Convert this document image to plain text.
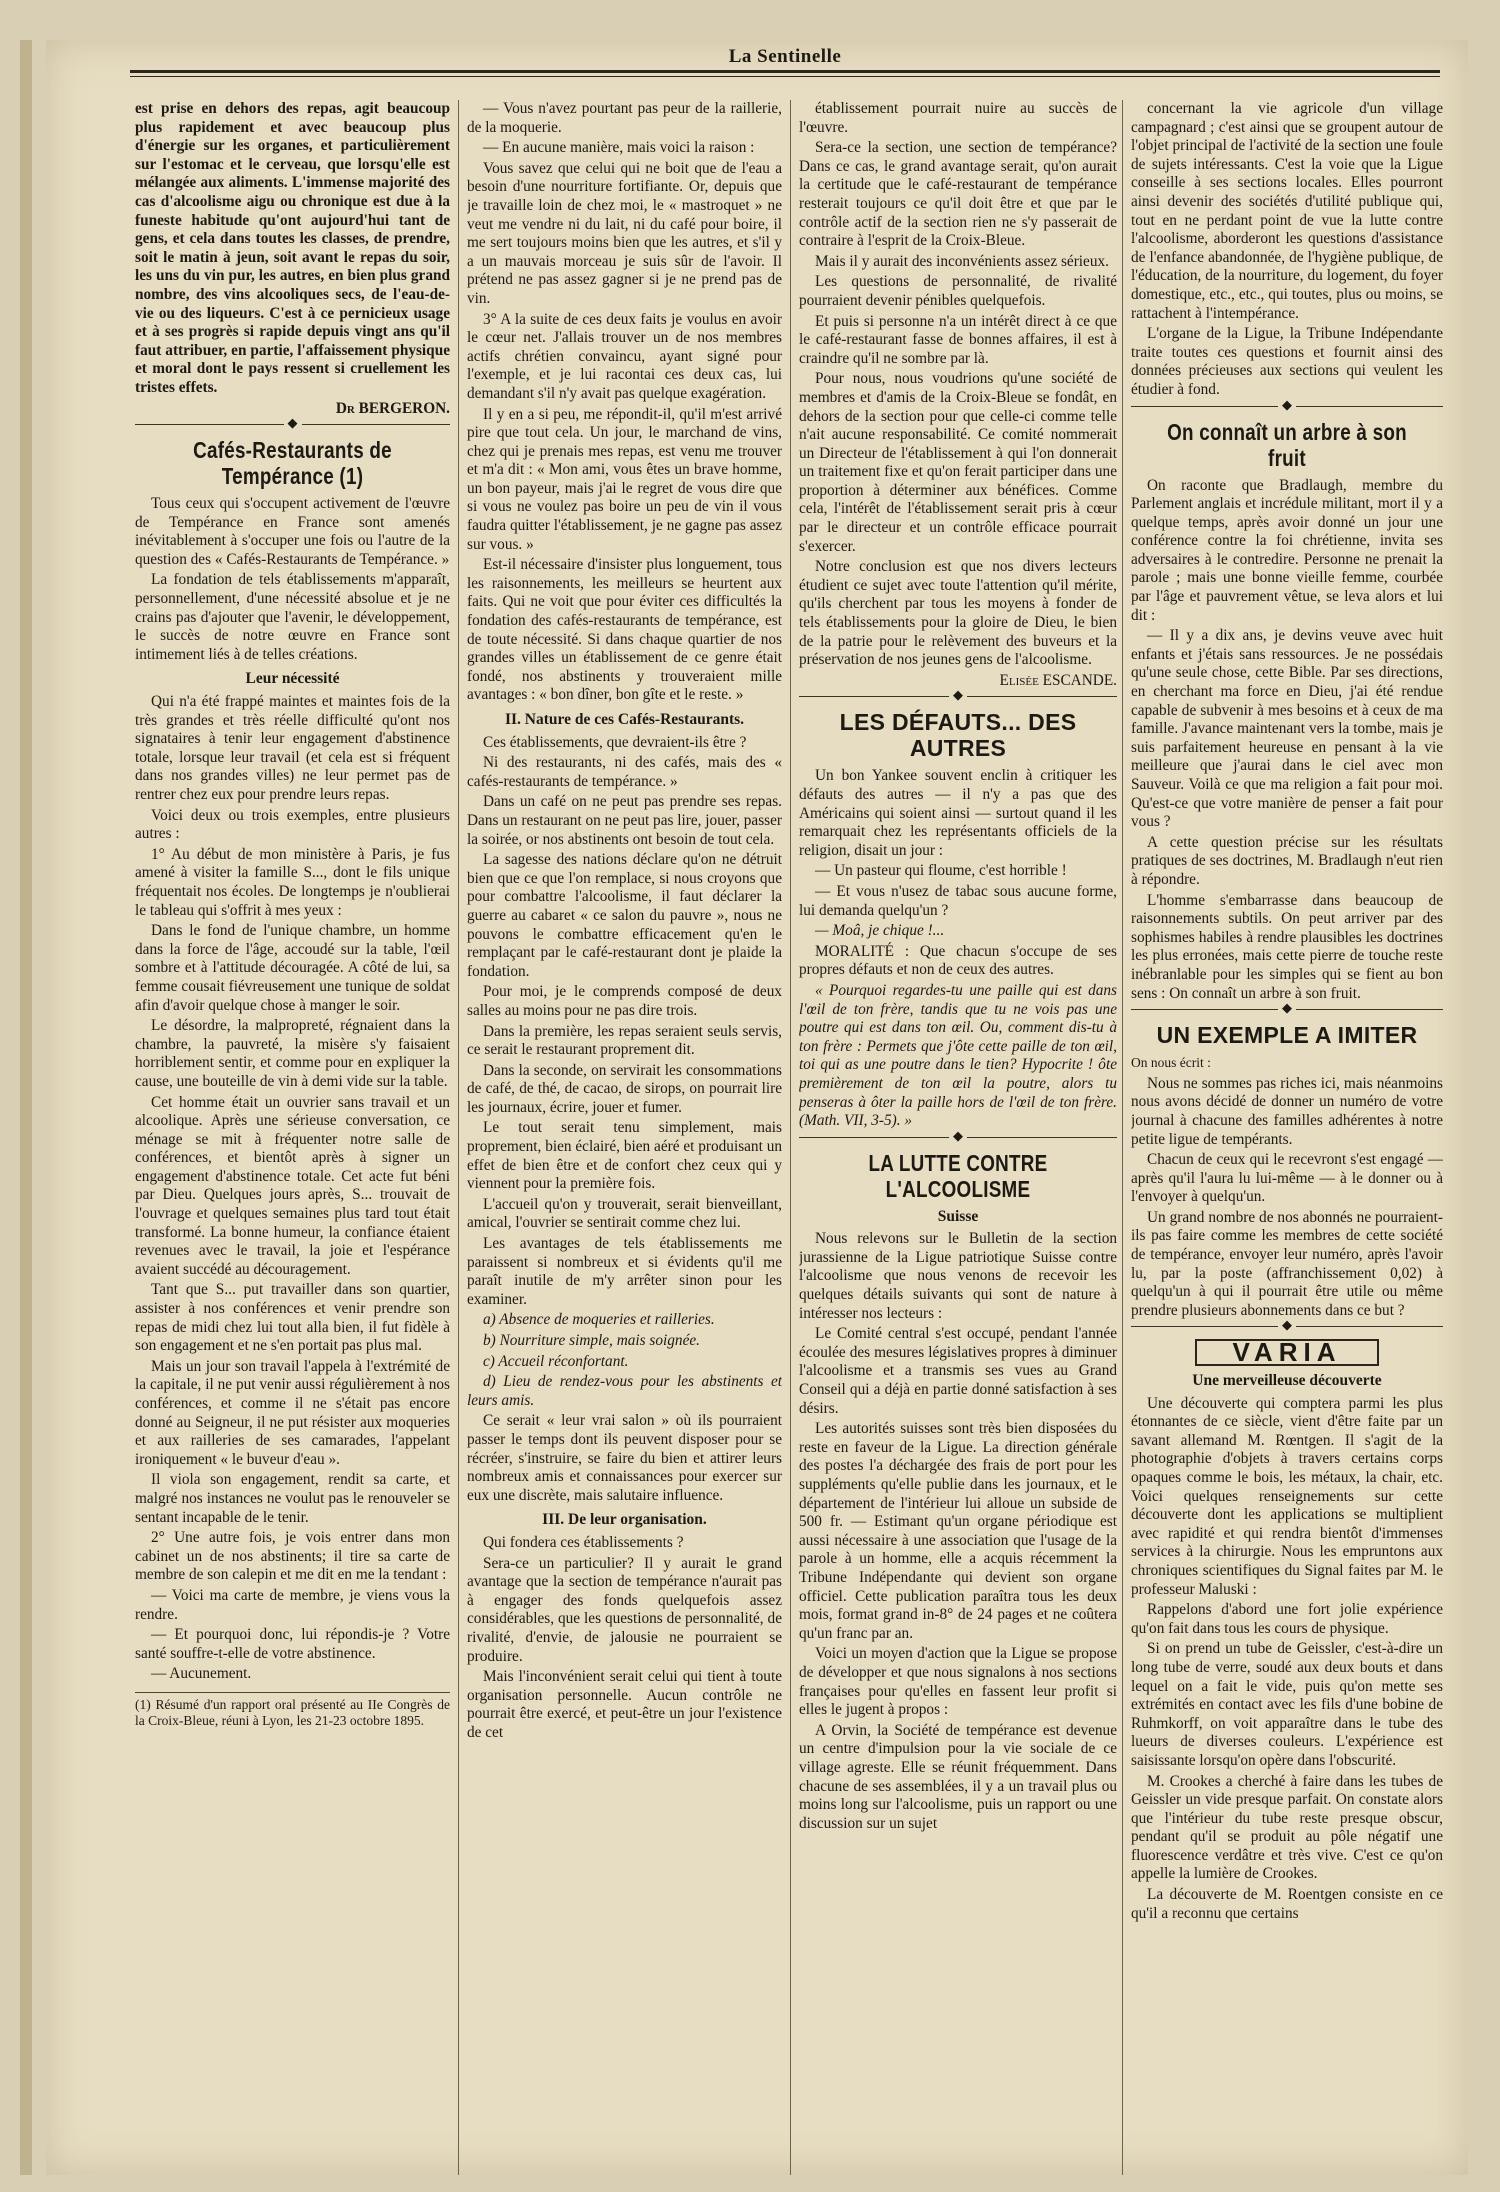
La Sentinelle

est prise en dehors des repas, agit beaucoup plus rapidement et avec beaucoup plus d'énergie sur les organes, et particulièrement sur l'estomac et le cerveau, que lorsqu'elle est mélangée aux aliments. L'immense majorité des cas d'alcoolisme aigu ou chronique est due à la funeste habitude qu'ont aujourd'hui tant de gens, et cela dans toutes les classes, de prendre, soit le matin à jeun, soit avant le repas du soir, les uns du vin pur, les autres, en bien plus grand nombre, des vins alcooliques secs, de l'eau-de-vie ou des liqueurs. C'est à ce pernicieux usage et à ses progrès si rapide depuis vingt ans qu'il faut attribuer, en partie, l'affaissement physique et moral dont le pays ressent si cruellement les tristes effets.

Dr BERGERON.

◆
Cafés-Restaurants de Tempérance (1)

Tous ceux qui s'occupent activement de l'œuvre de Tempérance en France sont amenés inévitablement à s'occuper une fois ou l'autre de la question des « Cafés-Restaurants de Tempérance. »

La fondation de tels établissements m'apparaît, personnellement, d'une nécessité absolue et je ne crains pas d'ajouter que l'avenir, le développement, le succès de notre œuvre en France sont intimement liés à de telles créations.

Leur nécessité

Qui n'a été frappé maintes et maintes fois de la très grandes et très réelle difficulté qu'ont nos signataires à tenir leur engagement d'abstinence totale, lorsque leur travail (et cela est si fréquent dans nos grandes villes) ne leur permet pas de rentrer chez eux pour prendre leurs repas.

Voici deux ou trois exemples, entre plusieurs autres :

1° Au début de mon ministère à Paris, je fus amené à visiter la famille S..., dont le fils unique fréquentait nos écoles. De longtemps je n'oublierai le tableau qui s'offrit à mes yeux :

Dans le fond de l'unique chambre, un homme dans la force de l'âge, accoudé sur la table, l'œil sombre et à l'attitude découragée. A côté de lui, sa femme cousait fiévreusement une tunique de soldat afin d'avoir quelque chose à manger le soir.

Le désordre, la malpropreté, régnaient dans la chambre, la pauvreté, la misère s'y faisaient horriblement sentir, et comme pour en expliquer la cause, une bouteille de vin à demi vide sur la table.

Cet homme était un ouvrier sans travail et un alcoolique. Après une sérieuse conversation, ce ménage se mit à fréquenter notre salle de conférences, et bientôt après à signer un engagement d'abstinence totale. Cet acte fut béni par Dieu. Quelques jours après, S... trouvait de l'ouvrage et quelques semaines plus tard tout était transformé. La bonne humeur, la confiance étaient revenues avec le travail, la joie et l'espérance avaient succédé au découragement.

Tant que S... put travailler dans son quartier, assister à nos conférences et venir prendre son repas de midi chez lui tout alla bien, il fut fidèle à son engagement et ne s'en portait pas plus mal.

Mais un jour son travail l'appela à l'extrémité de la capitale, il ne put venir aussi régulièrement à nos conférences, et comme il ne s'était pas encore donné au Seigneur, il ne put résister aux moqueries et aux railleries de ses camarades, l'appelant ironiquement « le buveur d'eau ».

Il viola son engagement, rendit sa carte, et malgré nos instances ne voulut pas le renouveler se sentant incapable de le tenir.

2° Une autre fois, je vois entrer dans mon cabinet un de nos abstinents; il tire sa carte de membre de son calepin et me dit en me la tendant :

— Voici ma carte de membre, je viens vous la rendre.

— Et pourquoi donc, lui répondis-je ? Votre santé souffre-t-elle de votre abstinence.

— Aucunement.

(1) Résumé d'un rapport oral présenté au IIe Congrès de la Croix-Bleue, réuni à Lyon, les 21-23 octobre 1895.

— Vous n'avez pourtant pas peur de la raillerie, de la moquerie.

— En aucune manière, mais voici la raison :

Vous savez que celui qui ne boit que de l'eau a besoin d'une nourriture fortifiante. Or, depuis que je travaille loin de chez moi, le « mastroquet » ne veut me vendre ni du lait, ni du café pour boire, il me sert toujours moins bien que les autres, et s'il y a un mauvais morceau je suis sûr de l'avoir. Il prétend ne pas assez gagner si je ne prend pas de vin.

3° A la suite de ces deux faits je voulus en avoir le cœur net. J'allais trouver un de nos membres actifs chrétien convaincu, ayant signé pour l'exemple, et je lui racontai ces deux cas, lui demandant s'il n'y avait pas quelque exagération.

Il y en a si peu, me répondit-il, qu'il m'est arrivé pire que tout cela. Un jour, le marchand de vins, chez qui je prenais mes repas, est venu me trouver et m'a dit : « Mon ami, vous êtes un brave homme, un bon payeur, mais j'ai le regret de vous dire que si vous ne voulez pas boire un peu de vin il vous faudra quitter l'établissement, je ne gagne pas assez sur vous. »

Est-il nécessaire d'insister plus longuement, tous les raisonnements, les meilleurs se heurtent aux faits. Qui ne voit que pour éviter ces difficultés la fondation des cafés-restaurants de tempérance, est de toute nécessité. Si dans chaque quartier de nos grandes villes un établissement de ce genre était fondé, nos abstinents y trouveraient mille avantages : « bon dîner, bon gîte et le reste. »

II. Nature de ces Cafés-Restaurants.

Ces établissements, que devraient-ils être ?

Ni des restaurants, ni des cafés, mais des « cafés-restaurants de tempérance. »

Dans un café on ne peut pas prendre ses repas. Dans un restaurant on ne peut pas lire, jouer, passer la soirée, or nos abstinents ont besoin de tout cela.

La sagesse des nations déclare qu'on ne détruit bien que ce que l'on remplace, si nous croyons que pour combattre l'alcoolisme, il faut déclarer la guerre au cabaret « ce salon du pauvre », nous ne pouvons le combattre efficacement qu'en le remplaçant par le café-restaurant dont je plaide la fondation.

Pour moi, je le comprends composé de deux salles au moins pour ne pas dire trois.

Dans la première, les repas seraient seuls servis, ce serait le restaurant proprement dit.

Dans la seconde, on servirait les consommations de café, de thé, de cacao, de sirops, on pourrait lire les journaux, écrire, jouer et fumer.

Le tout serait tenu simplement, mais proprement, bien éclairé, bien aéré et produisant un effet de bien être et de confort chez ceux qui y viennent pour la première fois.

L'accueil qu'on y trouverait, serait bienveillant, amical, l'ouvrier se sentirait comme chez lui.

Les avantages de tels établissements me paraissent si nombreux et si évidents qu'il me paraît inutile de m'y arrêter sinon pour les examiner.

a) Absence de moqueries et railleries.

b) Nourriture simple, mais soignée.

c) Accueil réconfortant.

d) Lieu de rendez-vous pour les abstinents et leurs amis.

Ce serait « leur vrai salon » où ils pourraient passer le temps dont ils peuvent disposer pour se récréer, s'instruire, se faire du bien et attirer leurs nombreux amis et connaissances pour exercer sur eux une discrète, mais salutaire influence.

III. De leur organisation.

Qui fondera ces établissements ?

Sera-ce un particulier? Il y aurait le grand avantage que la section de tempérance n'aurait pas à engager des fonds quelquefois assez considérables, que les questions de personnalité, de rivalité, d'envie, de jalousie ne pourraient se produire.

Mais l'inconvénient serait celui qui tient à toute organisation personnelle. Aucun contrôle ne pourrait être exercé, et peut-être un jour l'existence de cet

établissement pourrait nuire au succès de l'œuvre.

Sera-ce la section, une section de tempérance? Dans ce cas, le grand avantage serait, qu'on aurait la certitude que le café-restaurant de tempérance resterait toujours ce qu'il doit être et que par le contrôle actif de la section rien ne s'y passerait de contraire à l'esprit de la Croix-Bleue.

Mais il y aurait des inconvénients assez sérieux.

Les questions de personnalité, de rivalité pourraient devenir pénibles quelquefois.

Et puis si personne n'a un intérêt direct à ce que le café-restaurant fasse de bonnes affaires, il est à craindre qu'il ne sombre par là.

Pour nous, nous voudrions qu'une société de membres et d'amis de la Croix-Bleue se fondât, en dehors de la section pour que celle-ci comme telle n'ait aucune responsabilité. Ce comité nommerait un Directeur de l'établissement à qui l'on donnerait un traitement fixe et qu'on ferait participer dans une proportion à déterminer aux bénéfices. Comme cela, l'intérêt de l'établissement serait pris à cœur par le directeur et un contrôle efficace pourrait s'exercer.

Notre conclusion est que nos divers lecteurs étudient ce sujet avec toute l'attention qu'il mérite, qu'ils cherchent par tous les moyens à fonder de tels établissements pour la gloire de Dieu, le bien de la patrie pour le relèvement des buveurs et la préservation de nos jeunes gens de l'alcoolisme.

Elisée ESCANDE.

◆
LES DÉFAUTS... DES AUTRES

Un bon Yankee souvent enclin à critiquer les défauts des autres — il n'y a pas que des Américains qui soient ainsi — surtout quand il les remarquait chez les représentants officiels de la religion, disait un jour :

— Un pasteur qui floume, c'est horrible !

— Et vous n'usez de tabac sous aucune forme, lui demanda quelqu'un ?

— Moâ, je chique !...

MORALITÉ : Que chacun s'occupe de ses propres défauts et non de ceux des autres.

« Pourquoi regardes-tu une paille qui est dans l'œil de ton frère, tandis que tu ne vois pas une poutre qui est dans ton œil. Ou, comment dis-tu à ton frère : Permets que j'ôte cette paille de ton œil, toi qui as une poutre dans le tien? Hypocrite ! ôte premièrement de ton œil la poutre, alors tu penseras à ôter la paille hors de l'œil de ton frère. (Math. VII, 3-5). »

◆
LA LUTTE CONTRE L'ALCOOLISME
Suisse

Nous relevons sur le Bulletin de la section jurassienne de la Ligue patriotique Suisse contre l'alcoolisme que nous venons de recevoir les quelques détails suivants qui sont de nature à intéresser nos lecteurs :

Le Comité central s'est occupé, pendant l'année écoulée des mesures législatives propres à diminuer l'alcoolisme et a transmis ses vues au Grand Conseil qui a déjà en partie donné satisfaction à ses désirs.

Les autorités suisses sont très bien disposées du reste en faveur de la Ligue. La direction générale des postes l'a déchargée des frais de port pour les suppléments qu'elle publie dans les journaux, et le département de l'intérieur lui alloue un subside de 500 fr. — Estimant qu'un organe périodique est aussi nécessaire à une association que l'usage de la parole à un homme, elle a acquis récemment la Tribune Indépendante qui devient son organe officiel. Cette publication paraîtra tous les deux mois, format grand in-8° de 24 pages et ne coûtera qu'un franc par an.

Voici un moyen d'action que la Ligue se propose de développer et que nous signalons à nos sections françaises pour qu'elles en fassent leur profit si elles le jugent à propos :

A Orvin, la Société de tempérance est devenue un centre d'impulsion pour la vie sociale de ce village agreste. Elle se réunit fréquemment. Dans chacune de ses assemblées, il y a un travail plus ou moins long sur l'alcoolisme, puis un rapport ou une discussion sur un sujet

concernant la vie agricole d'un village campagnard ; c'est ainsi que se groupent autour de l'objet principal de l'activité de la section une foule de sujets intéressants. C'est la voie que la Ligue conseille à ses sections locales. Elles pourront ainsi devenir des sociétés d'utilité publique qui, tout en ne perdant point de vue la lutte contre l'alcoolisme, aborderont les questions d'assistance de l'enfance abandonnée, de l'hygiène publique, de l'éducation, de la nourriture, du logement, du foyer domestique, etc., etc., qui toutes, plus ou moins, se rattachent à l'intempérance.

L'organe de la Ligue, la Tribune Indépendante traite toutes ces questions et fournit ainsi des données précieuses aux sections qui veulent les étudier à fond.

◆
On connaît un arbre à son fruit

On raconte que Bradlaugh, membre du Parlement anglais et incrédule militant, mort il y a quelque temps, après avoir donné un jour une conférence contre la foi chrétienne, invita ses adversaires à le contredire. Personne ne prenait la parole ; mais une bonne vieille femme, courbée par l'âge et pauvrement vêtue, se leva alors et lui dit :

— Il y a dix ans, je devins veuve avec huit enfants et j'étais sans ressources. Je ne possédais qu'une seule chose, cette Bible. Par ses directions, en cherchant ma force en Dieu, j'ai été rendue capable de subvenir à mes besoins et à ceux de ma famille. J'avance maintenant vers la tombe, mais je suis parfaitement heureuse en pensant à la vie meilleure que j'aurai dans le ciel avec mon Sauveur. Voilà ce que ma religion a fait pour moi. Qu'est-ce que votre manière de penser a fait pour vous ?

A cette question précise sur les résultats pratiques de ses doctrines, M. Bradlaugh n'eut rien à répondre.

L'homme s'embarrasse dans beaucoup de raisonnements subtils. On peut arriver par des sophismes habiles à rendre plausibles les doctrines les plus erronées, mais cette pierre de touche reste inébranlable pour les simples qui se fient au bon sens : On connaît un arbre à son fruit.

◆
UN EXEMPLE A IMITER

On nous écrit :

Nous ne sommes pas riches ici, mais néanmoins nous avons décidé de donner un numéro de votre journal à chacune des familles adhérentes à notre petite ligue de tempérants.

Chacun de ceux qui le recevront s'est engagé — après qu'il l'aura lu lui-même — à le donner ou à l'envoyer à quelqu'un.

Un grand nombre de nos abonnés ne pourraient-ils pas faire comme les membres de cette société de tempérance, envoyer leur numéro, après l'avoir lu, par la poste (affranchissement 0,02) à quelqu'un à qui il pourrait être utile ou même prendre plusieurs abonnements dans ce but ?

◆
VARIA
Une merveilleuse découverte

Une découverte qui comptera parmi les plus étonnantes de ce siècle, vient d'être faite par un savant allemand M. Rœntgen. Il s'agit de la photographie d'objets à travers certains corps opaques comme le bois, les métaux, la chair, etc. Voici quelques renseignements sur cette découverte dont les applications se multiplient avec rapidité et qui rendra bientôt d'immenses services à la chirurgie. Nous les empruntons aux chroniques scientifiques du Signal faites par M. le professeur Maluski :

Rappelons d'abord une fort jolie expérience qu'on fait dans tous les cours de physique.

Si on prend un tube de Geissler, c'est-à-dire un long tube de verre, soudé aux deux bouts et dans lequel on a fait le vide, puis qu'on mette ses extrémités en contact avec les fils d'une bobine de Ruhmkorff, on voit apparaître dans le tube des lueurs de diverses couleurs. L'expérience est saisissante lorsqu'on opère dans l'obscurité.

M. Crookes a cherché à faire dans les tubes de Geissler un vide presque parfait. On constate alors que l'intérieur du tube reste presque obscur, pendant qu'il se produit au pôle négatif une fluorescence verdâtre et très vive. C'est ce qu'on appelle la lumière de Crookes.

La découverte de M. Roentgen consiste en ce qu'il a reconnu que certains
